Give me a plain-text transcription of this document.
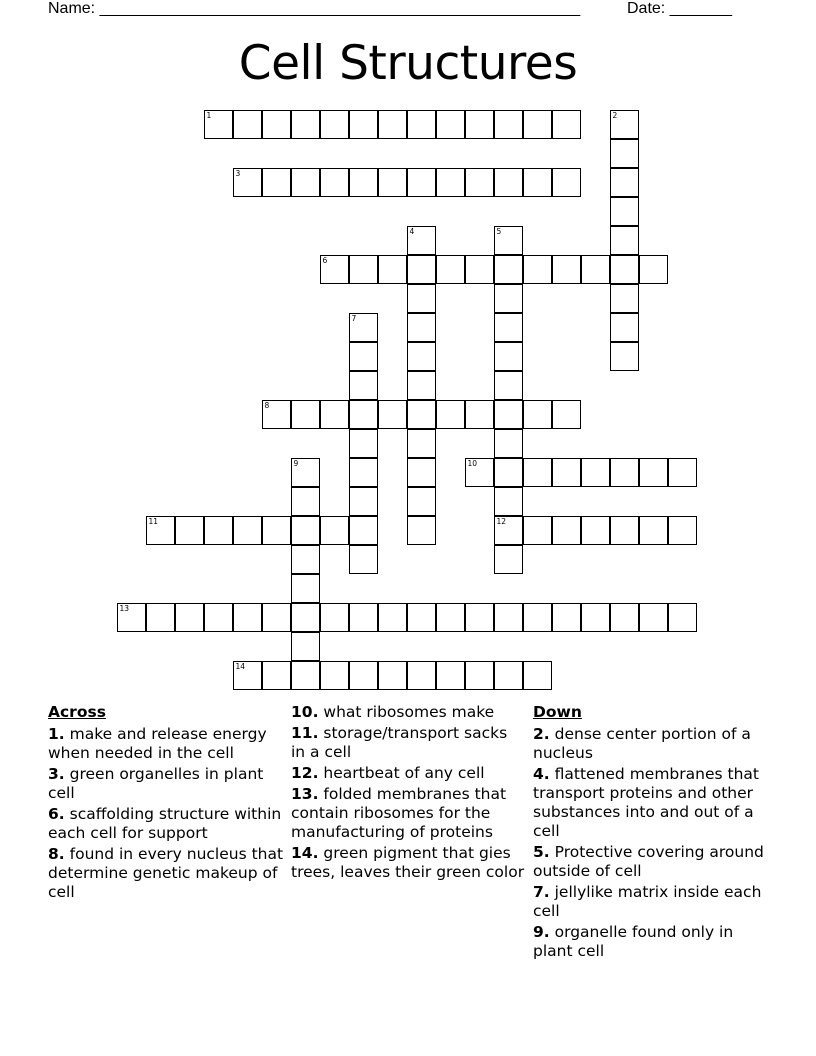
Name: ______________________________________________________	Date: _______
Cell Structures
1	2
3
4	5
12
6
7
8
9	10
11
13
14
Across
1. make and release energy when needed in the cell
3. green organelles in plant cell
6. scaffolding structure within each cell for support
8. found in every nucleus that determine genetic makeup of cell
10. what ribosomes make
11. storage/transport sacks in a cell
12. heartbeat of any cell
13. folded membranes that contain ribosomes for the manufacturing of proteins
14. green pigment that gies trees, leaves their green color
Down
2. dense center portion of a nucleus
4. flattened membranes that transport proteins and other substances into and out of a cell
5. Protective covering around outside of cell
7. jellylike matrix inside each cell
9. organelle found only in plant cell
